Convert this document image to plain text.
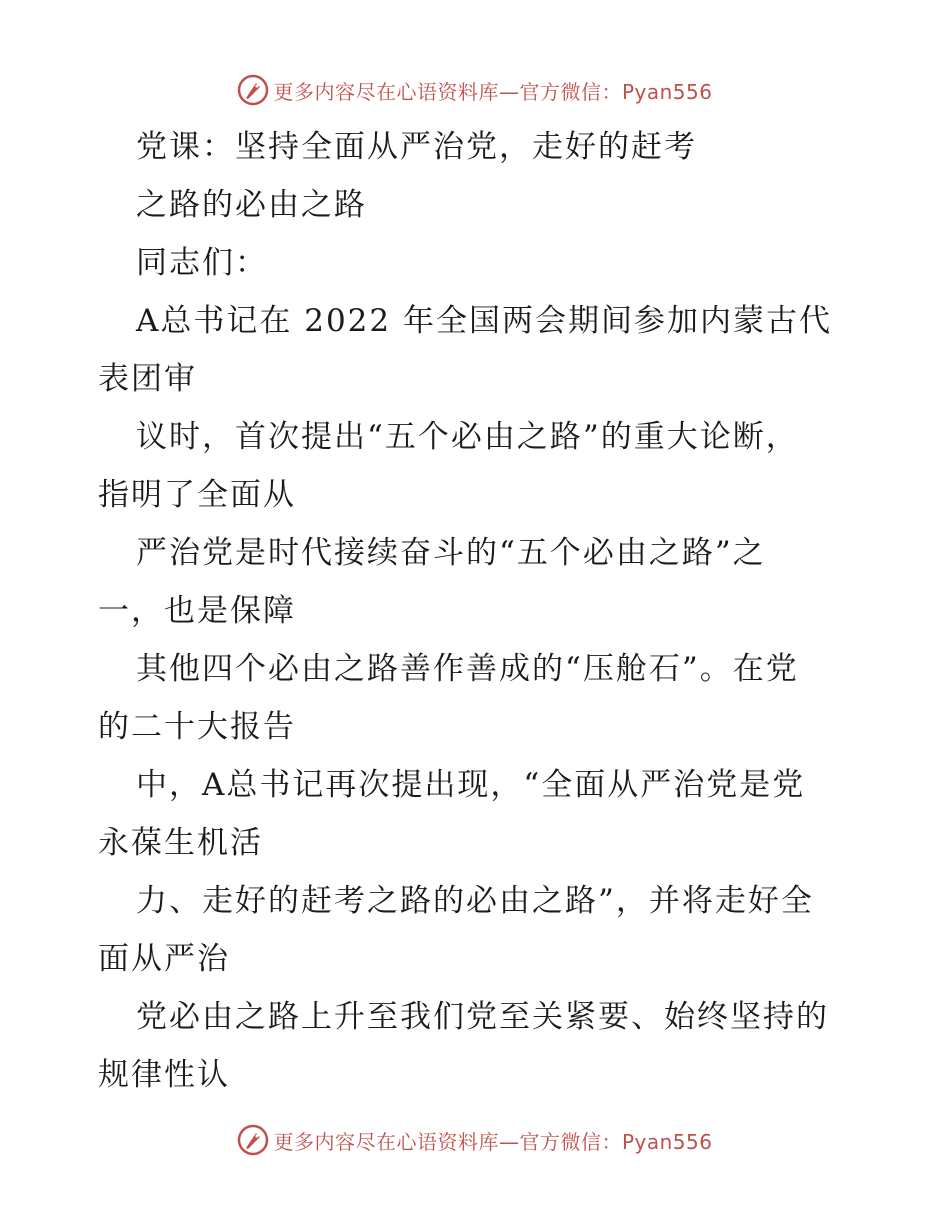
更多内容尽在心语资料库—官方微信：Pyan556
党课：坚持全面从严治党，走好的赶考
之路的必由之路
同志们：
A总书记在 2022 年全国两会期间参加内蒙古代
表团审
议时，首次提出“五个必由之路”的重大论断，
指明了全面从
严治党是时代接续奋斗的“五个必由之路”之
一，也是保障
其他四个必由之路善作善成的“压舱石”。在党
的二十大报告
中，A总书记再次提出现，“全面从严治党是党
永葆生机活
力、走好的赶考之路的必由之路”，并将走好全
面从严治
党必由之路上升至我们党至关紧要、始终坚持的
规律性认
更多内容尽在心语资料库—官方微信：Pyan556
